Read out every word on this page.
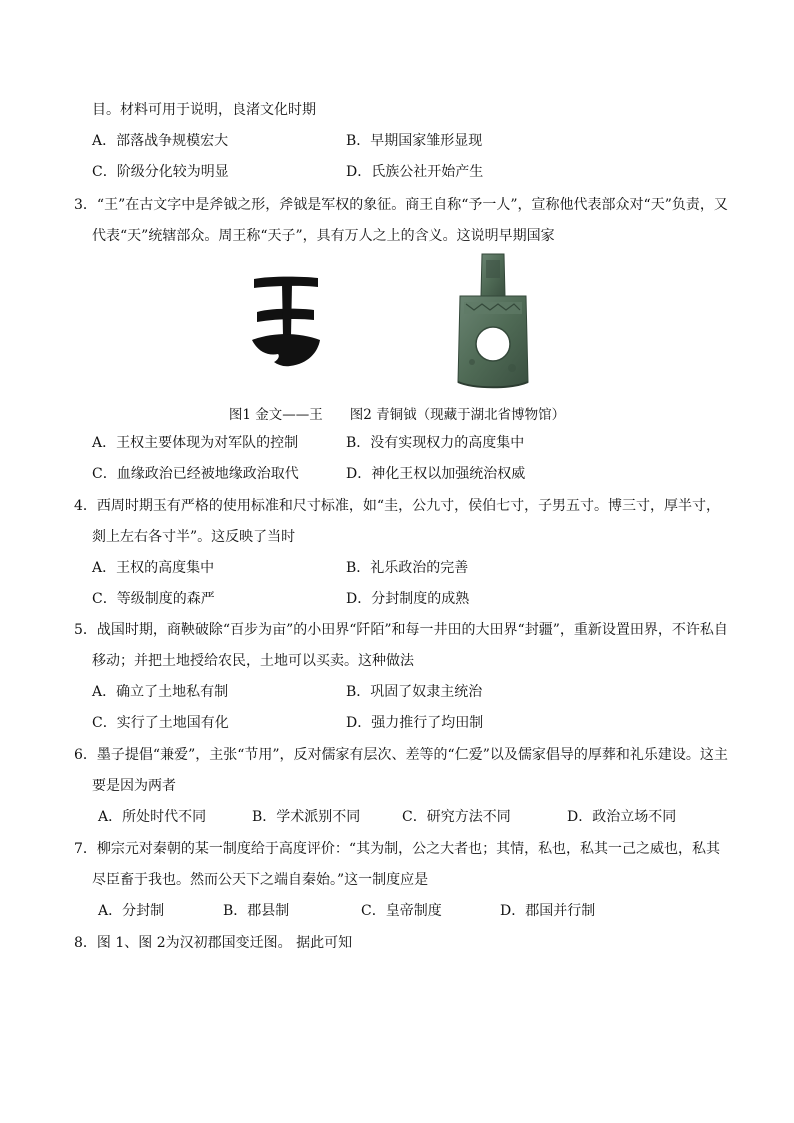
目。材料可用于说明，良渚文化时期
A．部落战争规模宏大	B．早期国家雏形显现
C．阶级分化较为明显	D．氏族公社开始产生
3．“王”在古文字中是斧钺之形，斧钺是军权的象征。商王自称“予一人”，宣称他代表部众对“天”负责，又
代表“天”统辖部众。周王称“天子”，具有万人之上的含义。这说明早期国家
图1 金文——王　　图2 青铜钺（现藏于湖北省博物馆）
A．王权主要体现为对军队的控制	B．没有实现权力的高度集中
C．血缘政治已经被地缘政治取代	D．神化王权以加强统治权威
4．西周时期玉有严格的使用标准和尺寸标准，如“圭，公九寸，侯伯七寸，子男五寸。博三寸，厚半寸，
剡上左右各寸半”。这反映了当时
A．王权的高度集中	B．礼乐政治的完善
C．等级制度的森严	D．分封制度的成熟
5．战国时期，商鞅破除“百步为亩”的小田界“阡陌”和每一井田的大田界“封疆”，重新设置田界，不许私自
移动；并把土地授给农民，土地可以买卖。这种做法
A．确立了土地私有制	B．巩固了奴隶主统治
C．实行了土地国有化	D．强力推行了均田制
6．墨子提倡“兼爱”，主张“节用”，反对儒家有层次、差等的“仁爱”以及儒家倡导的厚葬和礼乐建设。这主
要是因为两者
A．所处时代不同	B．学术派别不同	C．研究方法不同	D．政治立场不同
7．柳宗元对秦朝的某一制度给于高度评价：“其为制，公之大者也；其情，私也，私其一己之威也，私其
尽臣畜于我也。然而公天下之端自秦始。”这一制度应是
A．分封制	B．郡县制	C．皇帝制度	D．郡国并行制
8．图 1、图 2为汉初郡国变迁图。 据此可知
